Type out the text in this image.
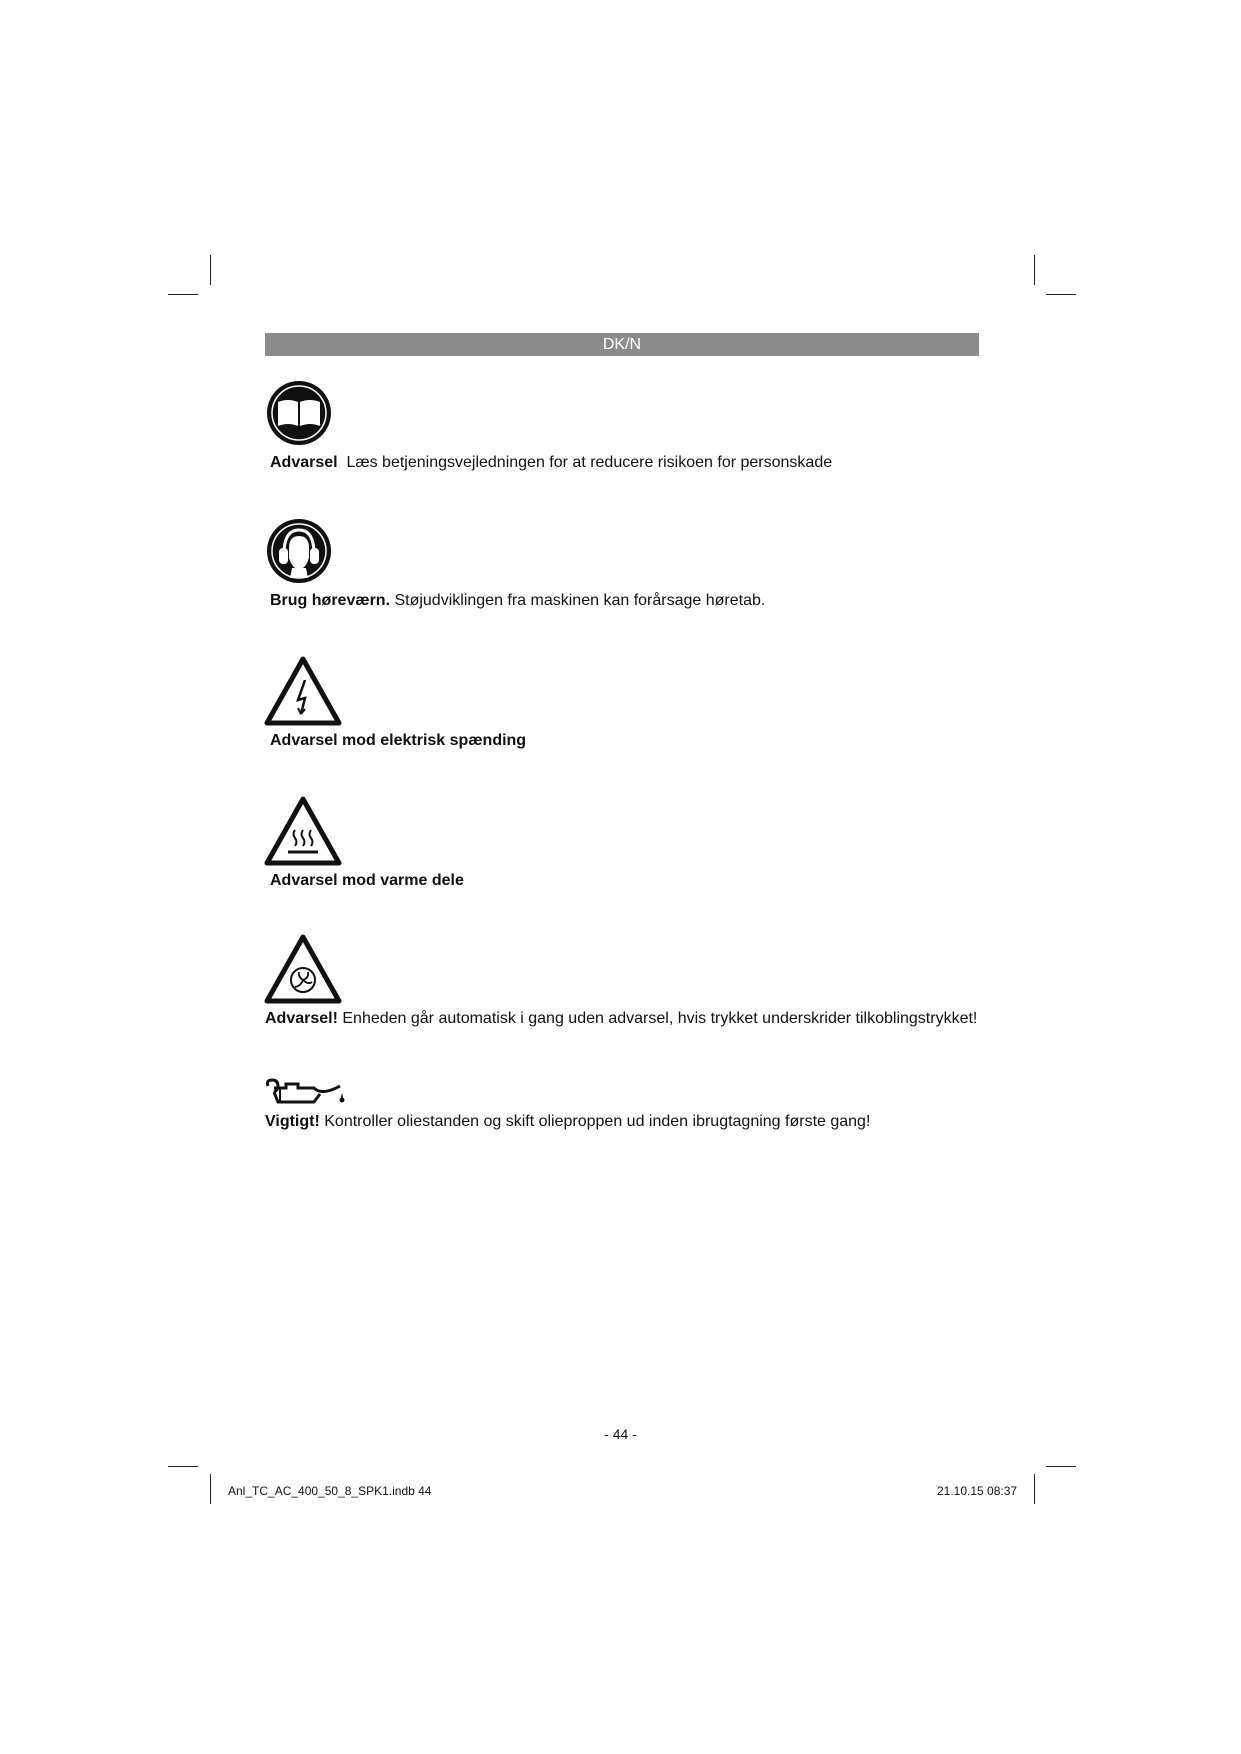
DK/N
Advarsel  Læs betjeningsvejledningen for at reducere risikoen for personskade
Brug høreværn. Støjudviklingen fra maskinen kan forårsage høretab.
Advarsel mod elektrisk spænding
Advarsel mod varme dele
Advarsel! Enheden går automatisk i gang uden advarsel, hvis trykket underskrider tilkoblingstrykket!
Vigtigt! Kontroller oliestanden og skift olieproppen ud inden ibrugtagning første gang!
- 44 -
Anl_TC_AC_400_50_8_SPK1.indb 44	21.10.15 08:37
